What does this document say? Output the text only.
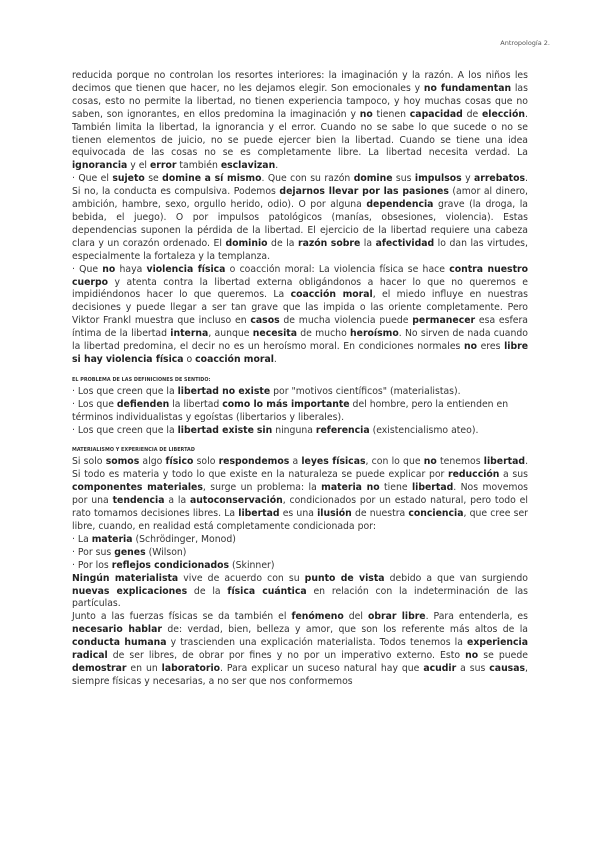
Antropología 2.

reducida porque no controlan los resortes interiores: la imaginación y la razón. A los niños les decimos que tienen que hacer, no les dejamos elegir. Son emocionales y no fundamentan las cosas, esto no permite la libertad, no tienen experiencia tampoco, y hoy muchas cosas que no saben, son ignorantes, en ellos predomina la imaginación y no tienen capacidad de elección. También limita la libertad, la ignorancia y el error. Cuando no se sabe lo que sucede o no se tienen elementos de juicio, no se puede ejercer bien la libertad. Cuando se tiene una idea equivocada de las cosas no se es completamente libre. La libertad necesita verdad. La ignorancia y el error también esclavizan.

· Que el sujeto se domine a sí mismo. Que con su razón domine sus impulsos y arrebatos. Si no, la conducta es compulsiva. Podemos dejarnos llevar por las pasiones (amor al dinero, ambición, hambre, sexo, orgullo herido, odio). O por alguna dependencia grave (la droga, la bebida, el juego). O por impulsos patológicos (manías, obsesiones, violencia). Estas dependencias suponen la pérdida de la libertad. El ejercicio de la libertad requiere una cabeza clara y un corazón ordenado. El dominio de la razón sobre la afectividad lo dan las virtudes, especialmente la fortaleza y la templanza.

· Que no haya violencia física o coacción moral: La violencia física se hace contra nuestro cuerpo y atenta contra la libertad externa obligándonos a hacer lo que no queremos e impidiéndonos hacer lo que queremos. La coacción moral, el miedo influye en nuestras decisiones y puede llegar a ser tan grave que las impida o las oriente completamente. Pero Viktor Frankl muestra que incluso en casos de mucha violencia puede permanecer esa esfera íntima de la libertad interna, aunque necesita de mucho heroísmo. No sirven de nada cuando la libertad predomina, el decir no es un heroísmo moral. En condiciones normales no eres libre si hay violencia física o coacción moral.

EL PROBLEMA DE LAS DEFINICIONES DE SENTIDO:

· Los que creen que la libertad no existe por "motivos científicos" (materialistas).

· Los que defienden la libertad como lo más importante del hombre, pero la entienden en

términos individualistas y egoístas (libertarios y liberales).

· Los que creen que la libertad existe sin ninguna referencia (existencialismo ateo).

MATERIALISMO Y EXPERIENCIA DE LIBERTAD

Si solo somos algo físico solo respondemos a leyes físicas, con lo que no tenemos libertad. Si todo es materia y todo lo que existe en la naturaleza se puede explicar por reducción a sus componentes materiales, surge un problema: la materia no tiene libertad. Nos movemos por una tendencia a la autoconservación, condicionados por un estado natural, pero todo el rato tomamos decisiones libres. La libertad es una ilusión de nuestra conciencia, que cree ser libre, cuando, en realidad está completamente condicionada por:

· La materia (Schrödinger, Monod)

· Por sus genes (Wilson)

· Por los reflejos condicionados (Skinner)

Ningún materialista vive de acuerdo con su punto de vista debido a que van surgiendo nuevas explicaciones de la física cuántica en relación con la indeterminación de las partículas.

Junto a las fuerzas físicas se da también el fenómeno del obrar libre. Para entenderla, es necesario hablar de: verdad, bien, belleza y amor, que son los referente más altos de la conducta humana y trascienden una explicación materialista. Todos tenemos la experiencia radical de ser libres, de obrar por fines y no por un imperativo externo. Esto no se puede demostrar en un laboratorio. Para explicar un suceso natural hay que acudir a sus causas, siempre físicas y necesarias, a no ser que nos conformemos
